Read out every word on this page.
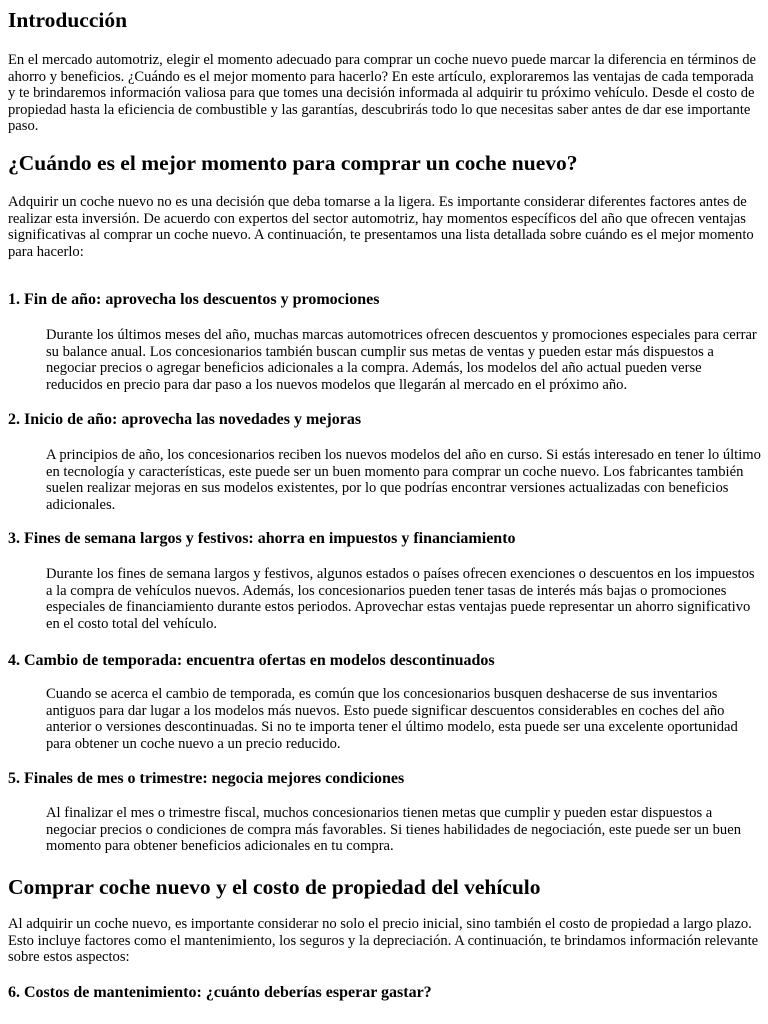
Introducción

En el mercado automotriz, elegir el momento adecuado para comprar un coche nuevo puede marcar la diferencia en términos de ahorro y beneficios. ¿Cuándo es el mejor momento para hacerlo? En este artículo, exploraremos las ventajas de cada temporada y te brindaremos información valiosa para que tomes una decisión informada al adquirir tu próximo vehículo. Desde el costo de propiedad hasta la eficiencia de combustible y las garantías, descubrirás todo lo que necesitas saber antes de dar ese importante paso.

¿Cuándo es el mejor momento para comprar un coche nuevo?

Adquirir un coche nuevo no es una decisión que deba tomarse a la ligera. Es importante considerar diferentes factores antes de realizar esta inversión. De acuerdo con expertos del sector automotriz, hay momentos específicos del año que ofrecen ventajas significativas al comprar un coche nuevo. A continuación, te presentamos una lista detallada sobre cuándo es el mejor momento para hacerlo:

1. Fin de año: aprovecha los descuentos y promociones

Durante los últimos meses del año, muchas marcas automotrices ofrecen descuentos y promociones especiales para cerrar su balance anual. Los concesionarios también buscan cumplir sus metas de ventas y pueden estar más dispuestos a negociar precios o agregar beneficios adicionales a la compra. Además, los modelos del año actual pueden verse reducidos en precio para dar paso a los nuevos modelos que llegarán al mercado en el próximo año.

2. Inicio de año: aprovecha las novedades y mejoras

A principios de año, los concesionarios reciben los nuevos modelos del año en curso. Si estás interesado en tener lo último en tecnología y características, este puede ser un buen momento para comprar un coche nuevo. Los fabricantes también suelen realizar mejoras en sus modelos existentes, por lo que podrías encontrar versiones actualizadas con beneficios adicionales.

3. Fines de semana largos y festivos: ahorra en impuestos y financiamiento

Durante los fines de semana largos y festivos, algunos estados o países ofrecen exenciones o descuentos en los impuestos a la compra de vehículos nuevos. Además, los concesionarios pueden tener tasas de interés más bajas o promociones especiales de financiamiento durante estos periodos. Aprovechar estas ventajas puede representar un ahorro significativo en el costo total del vehículo.

4. Cambio de temporada: encuentra ofertas en modelos descontinuados

Cuando se acerca el cambio de temporada, es común que los concesionarios busquen deshacerse de sus inventarios antiguos para dar lugar a los modelos más nuevos. Esto puede significar descuentos considerables en coches del año anterior o versiones descontinuadas. Si no te importa tener el último modelo, esta puede ser una excelente oportunidad para obtener un coche nuevo a un precio reducido.

5. Finales de mes o trimestre: negocia mejores condiciones

Al finalizar el mes o trimestre fiscal, muchos concesionarios tienen metas que cumplir y pueden estar dispuestos a negociar precios o condiciones de compra más favorables. Si tienes habilidades de negociación, este puede ser un buen momento para obtener beneficios adicionales en tu compra.

Comprar coche nuevo y el costo de propiedad del vehículo

Al adquirir un coche nuevo, es importante considerar no solo el precio inicial, sino también el costo de propiedad a largo plazo. Esto incluye factores como el mantenimiento, los seguros y la depreciación. A continuación, te brindamos información relevante sobre estos aspectos:

6. Costos de mantenimiento: ¿cuánto deberías esperar gastar?
